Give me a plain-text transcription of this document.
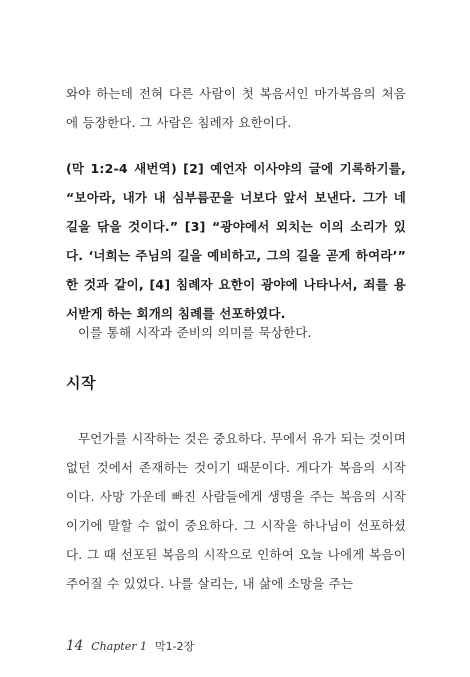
와야 하는데 전혀 다른 사람이 첫 복음서인 마가복음의 처음에 등장한다. 그 사람은 침례자 요한이다.

(막 1:2-4 새번역) [2] 예언자 이사야의 글에 기록하기를, “보아라, 내가 내 심부름꾼을 너보다 앞서 보낸다. 그가 네 길을 닦을 것이다.” [3] “광야에서 외치는 이의 소리가 있다. ‘너희는 주님의 길을 예비하고, 그의 길을 곧게 하여라’” 한 것과 같이, [4] 침례자 요한이 광야에 나타나서, 죄를 용서받게 하는 회개의 침례를 선포하였다.

이를 통해 시작과 준비의 의미를 묵상한다.

시작

무언가를 시작하는 것은 중요하다. 무에서 유가 되는 것이며 없던 것에서 존재하는 것이기 때문이다. 게다가 복음의 시작이다. 사망 가운데 빠진 사람들에게 생명을 주는 복음의 시작이기에 말할 수 없이 중요하다. 그 시작을 하나님이 선포하셨다. 그 때 선포된 복음의 시작으로 인하여 오늘 나에게 복음이 주어질 수 있었다. 나를 살리는, 내 삶에 소망을 주는

14 Chapter 1 막1-2장
